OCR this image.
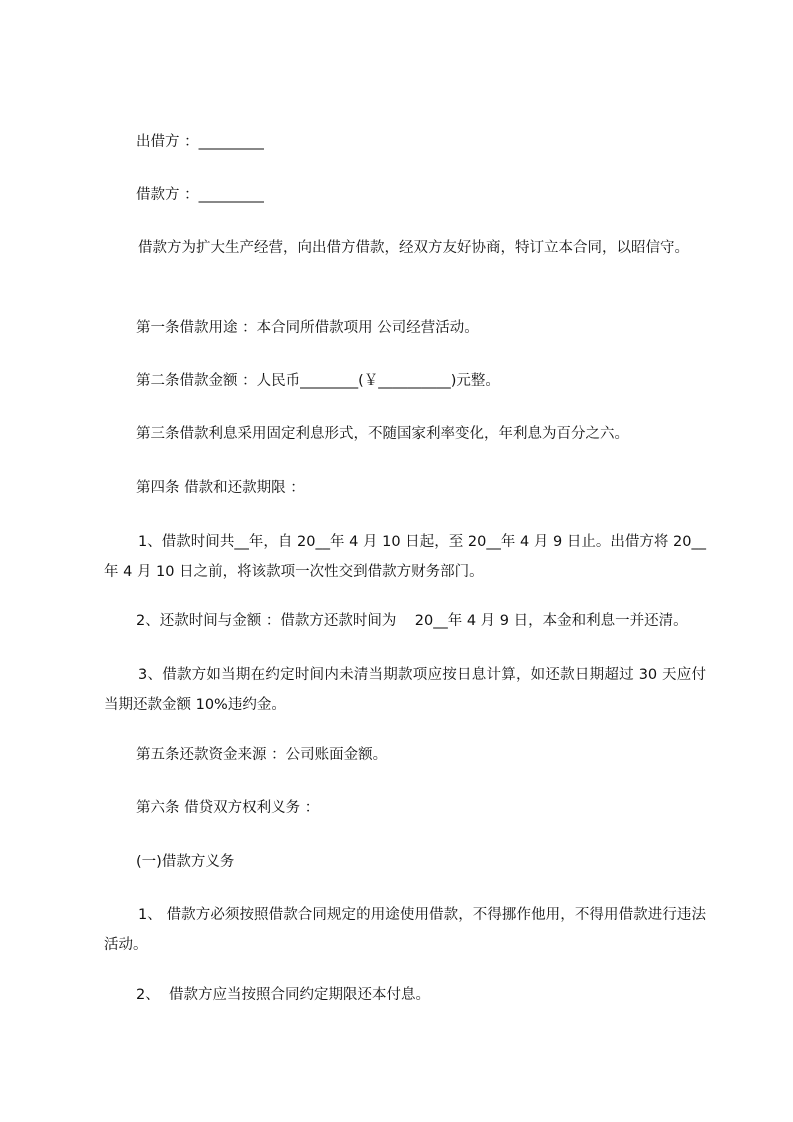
出借方 ：_________
借款方 ：_________
借款方为扩大生产经营，向出借方借款，经双方友好协商，特订立本合同，以昭信守。
第一条借款用途 ：本合同所借款项用 公司经营活动。
第二条借款金额 ：人民币________(￥__________)元整。
第三条借款利息采用固定利息形式，不随国家利率变化，年利息为百分之六。
第四条 借款和还款期限 ：
1、借款时间共__年，自 20__年 4 月 10 日起，至 20__年 4 月 9 日止。出借方将 20__年 4 月 10 日之前，将该款项一次性交到借款方财务部门。
2、还款时间与金额 ：借款方还款时间为    20__年 4 月 9 日，本金和利息一并还清。
3、借款方如当期在约定时间内未清当期款项应按日息计算，如还款日期超过 30 天应付当期还款金额 10%违约金。
第五条还款资金来源 ：公司账面金额。
第六条 借贷双方权利义务 ：
(一)借款方义务
1、 借款方必须按照借款合同规定的用途使用借款，不得挪作他用，不得用借款进行违法活动。
2、  借款方应当按照合同约定期限还本付息。
